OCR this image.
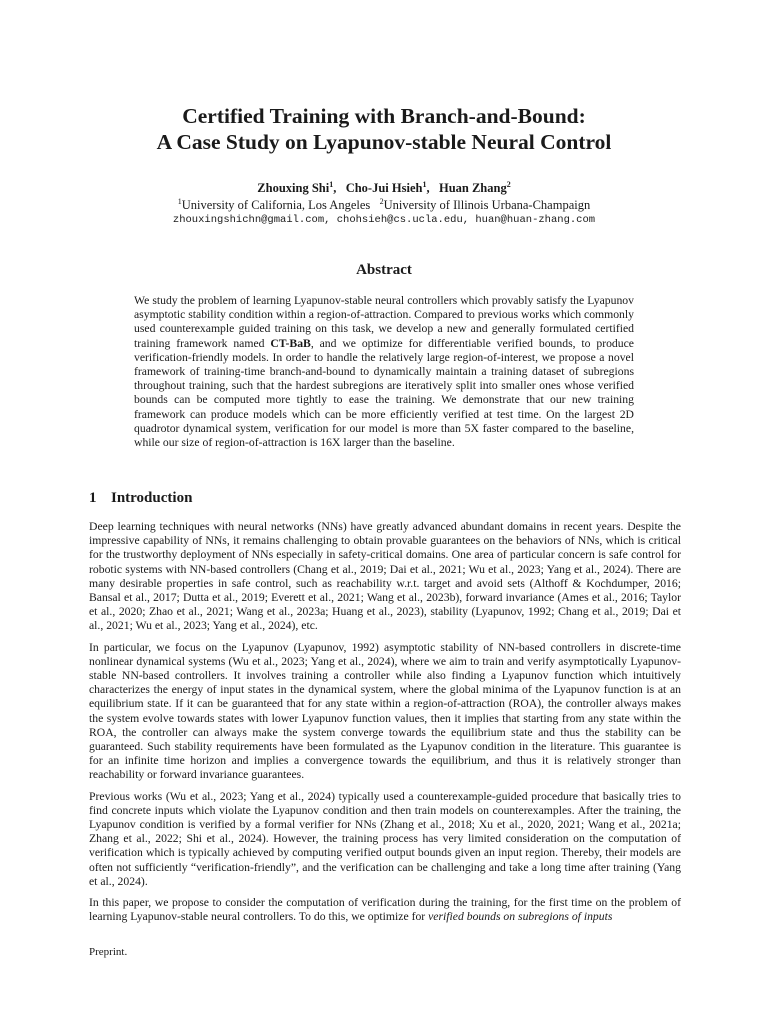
Certified Training with Branch-and-Bound:
A Case Study on Lyapunov-stable Neural Control
Zhouxing Shi$^1$,   Cho-Jui Hsieh$^1$,   Huan Zhang$^2$
$^1$University of California, Los Angeles $^2$University of Illinois Urbana-Champaign
zhouxingshichn@gmail.com, chohsieh@cs.ucla.edu, huan@huan-zhang.com
Abstract
We study the problem of learning Lyapunov-stable neural controllers which provably satisfy the Lyapunov asymptotic stability condition within a region-of-attraction. Compared to previous works which commonly used counterexample guided training on this task, we develop a new and generally formulated certified training framework named CT-BaB, and we optimize for differentiable verified bounds, to produce verification-friendly models. In order to handle the relatively large region-of-interest, we propose a novel framework of training-time branch-and-bound to dynamically maintain a training dataset of subregions throughout training, such that the hardest subregions are iteratively split into smaller ones whose verified bounds can be computed more tightly to ease the training. We demonstrate that our new training framework can produce models which can be more efficiently verified at test time. On the largest 2D quadrotor dynamical system, verification for our model is more than 5X faster compared to the baseline, while our size of region-of-attraction is 16X larger than the baseline.
1 Introduction

Deep learning techniques with neural networks (NNs) have greatly advanced abundant domains in recent years. Despite the impressive capability of NNs, it remains challenging to obtain provable guarantees on the behaviors of NNs, which is critical for the trustworthy deployment of NNs especially in safety-critical domains. One area of particular concern is safe control for robotic systems with NN-based controllers (Chang et al., 2019; Dai et al., 2021; Wu et al., 2023; Yang et al., 2024). There are many desirable properties in safe control, such as reachability w.r.t. target and avoid sets (Althoff & Kochdumper, 2016; Bansal et al., 2017; Dutta et al., 2019; Everett et al., 2021; Wang et al., 2023b), forward invariance (Ames et al., 2016; Taylor et al., 2020; Zhao et al., 2021; Wang et al., 2023a; Huang et al., 2023), stability (Lyapunov, 1992; Chang et al., 2019; Dai et al., 2021; Wu et al., 2023; Yang et al., 2024), etc.

In particular, we focus on the Lyapunov (Lyapunov, 1992) asymptotic stability of NN-based controllers in discrete-time nonlinear dynamical systems (Wu et al., 2023; Yang et al., 2024), where we aim to train and verify asymptotically Lyapunov-stable NN-based controllers. It involves training a controller while also finding a Lyapunov function which intuitively characterizes the energy of input states in the dynamical system, where the global minima of the Lyapunov function is at an equilibrium state. If it can be guaranteed that for any state within a region-of-attraction (ROA), the controller always makes the system evolve towards states with lower Lyapunov function values, then it implies that starting from any state within the ROA, the controller can always make the system converge towards the equilibrium state and thus the stability can be guaranteed. Such stability requirements have been formulated as the Lyapunov condition in the literature. This guarantee is for an infinite time horizon and implies a convergence towards the equilibrium, and thus it is relatively stronger than reachability or forward invariance guarantees.

Previous works (Wu et al., 2023; Yang et al., 2024) typically used a counterexample-guided procedure that basically tries to find concrete inputs which violate the Lyapunov condition and then train models on counterexamples. After the training, the Lyapunov condition is verified by a formal verifier for NNs (Zhang et al., 2018; Xu et al., 2020, 2021; Wang et al., 2021a; Zhang et al., 2022; Shi et al., 2024). However, the training process has very limited consideration on the computation of verification which is typically achieved by computing verified output bounds given an input region. Thereby, their models are often not sufficiently “verification-friendly”, and the verification can be challenging and take a long time after training (Yang et al., 2024).

In this paper, we propose to consider the computation of verification during the training, for the first time on the problem of learning Lyapunov-stable neural controllers. To do this, we optimize for verified bounds on subregions of inputs

Preprint.
